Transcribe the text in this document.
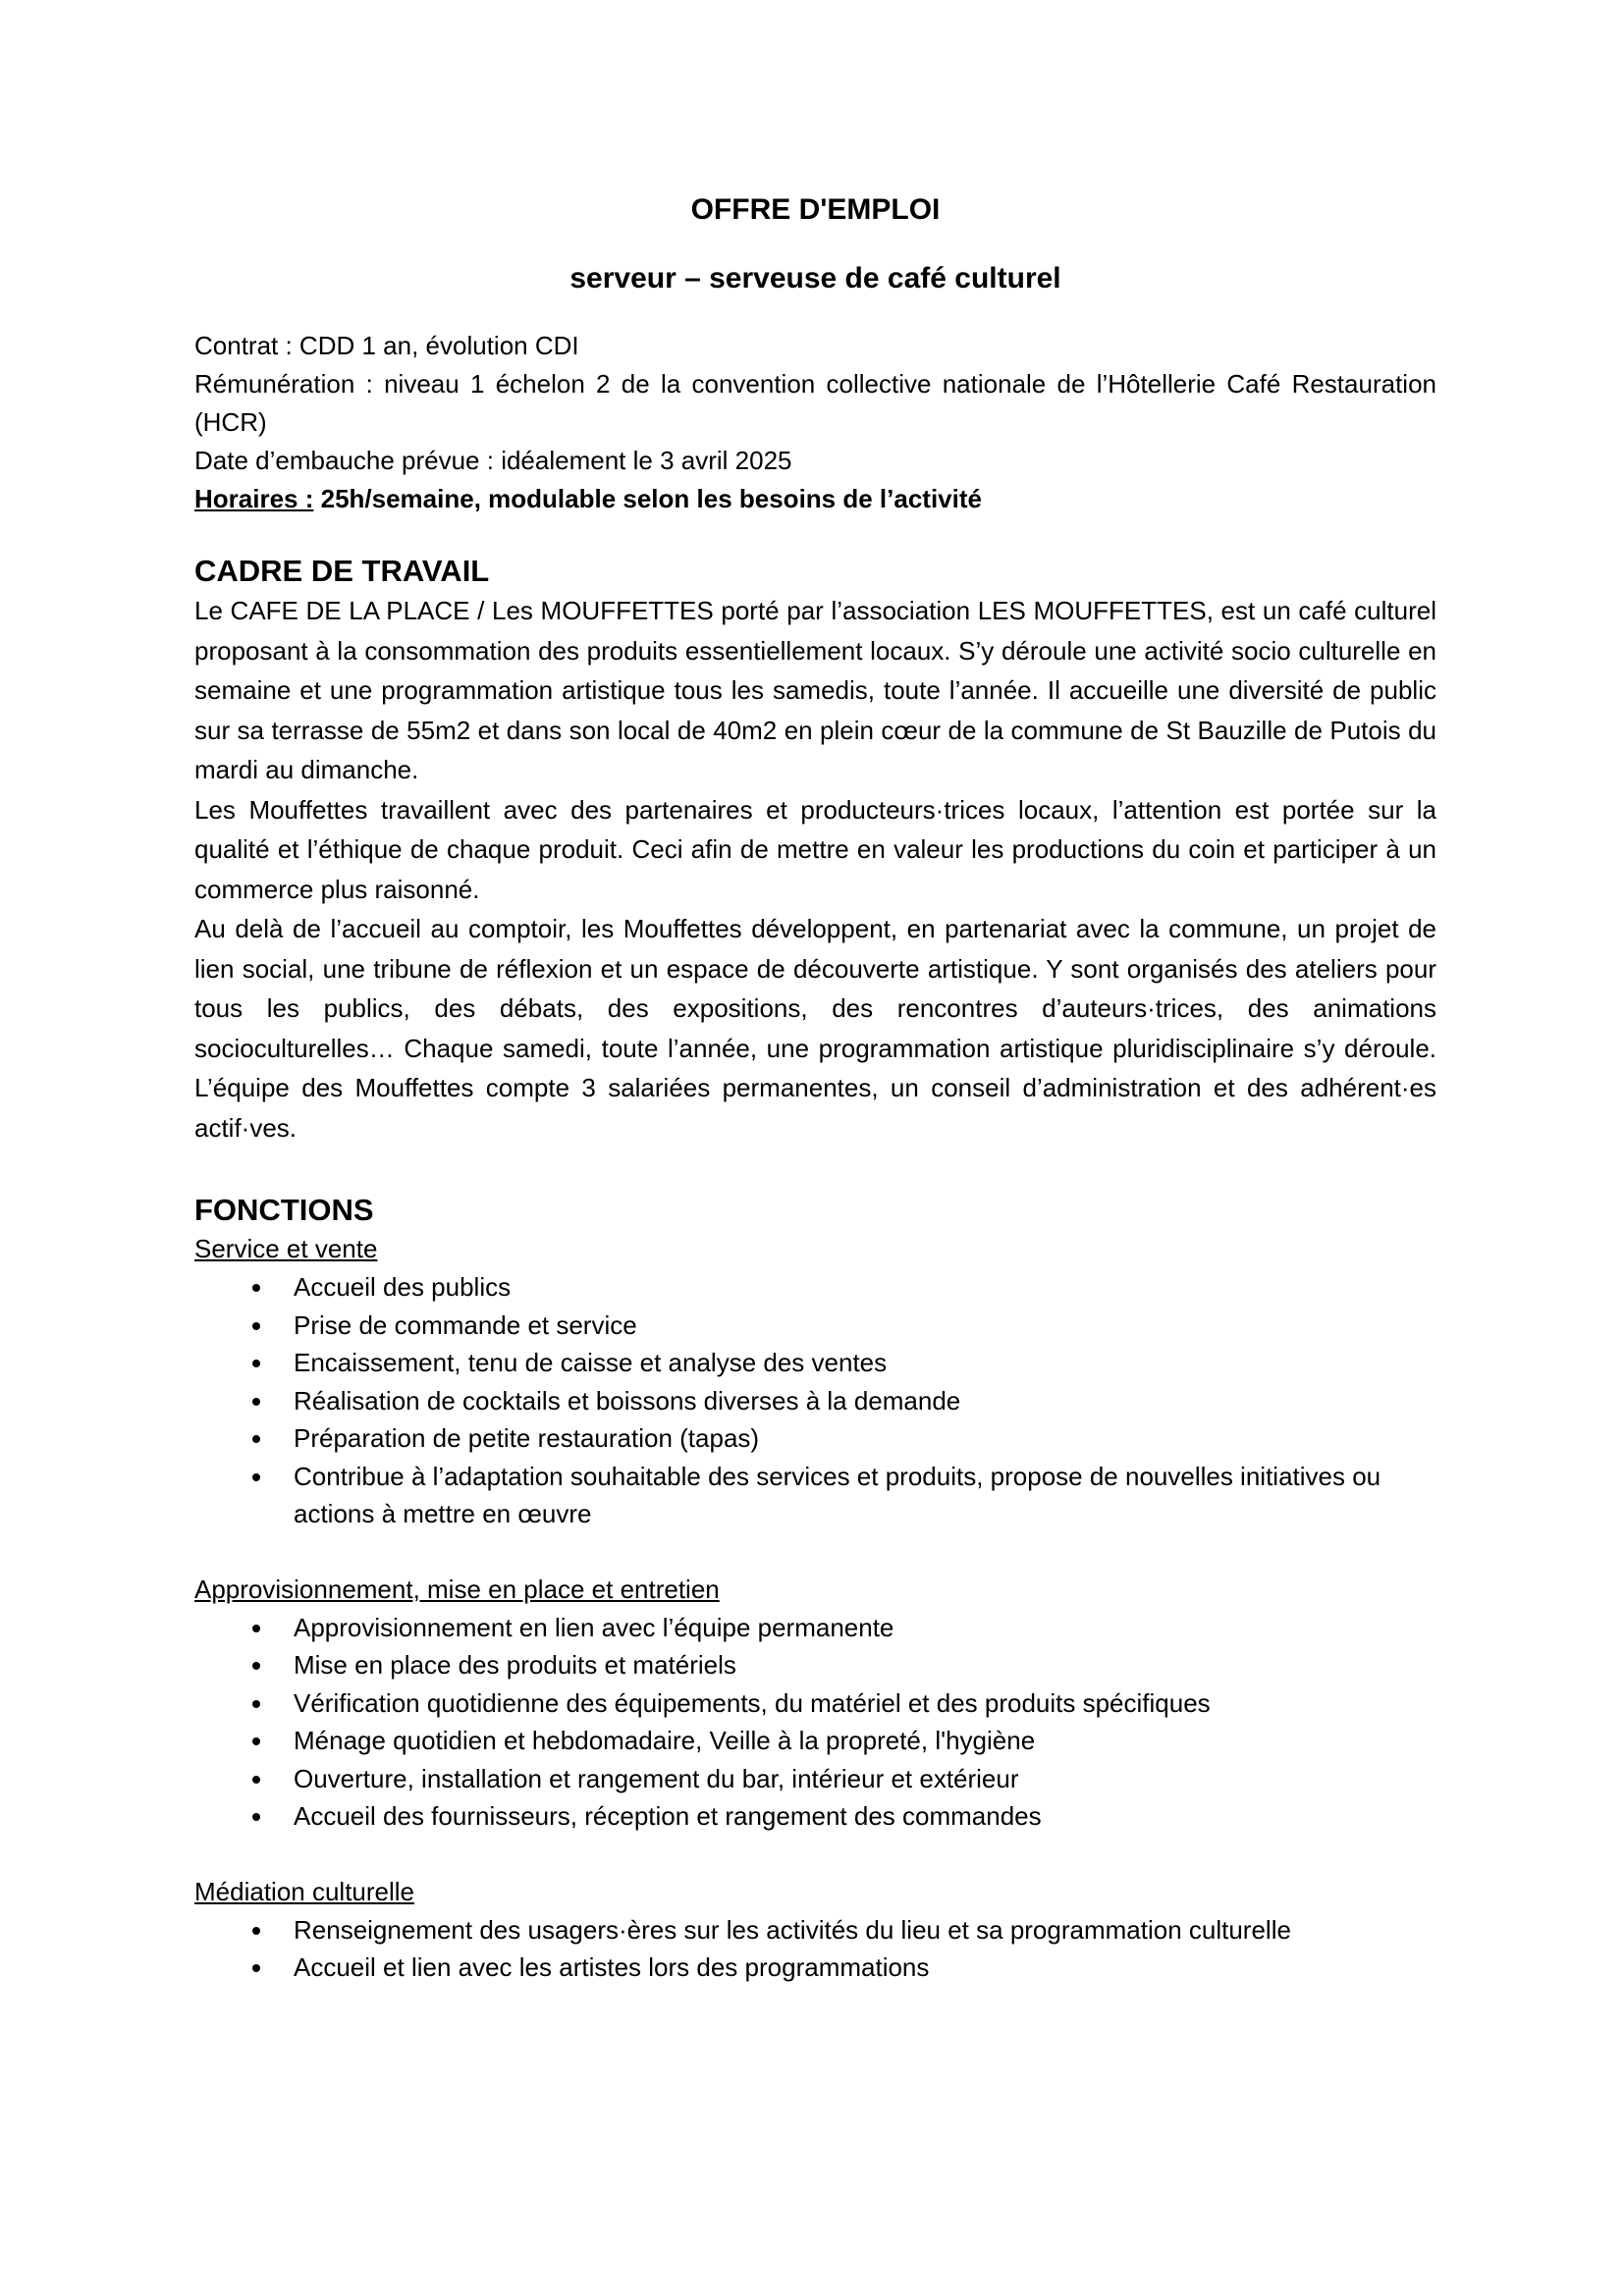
OFFRE D'EMPLOI

serveur – serveuse de café culturel

Contrat : CDD 1 an, évolution CDI

Rémunération : niveau 1 échelon 2 de la convention collective nationale de l’Hôtellerie Café Restauration (HCR)

Date d’embauche prévue : idéalement le 3 avril 2025

Horaires : 25h/semaine, modulable selon les besoins de l’activité

CADRE DE TRAVAIL

Le CAFE DE LA PLACE / Les MOUFFETTES porté par l’association LES MOUFFETTES, est un café culturel proposant à la consommation des produits essentiellement locaux. S’y déroule une activité socio culturelle en semaine et une programmation artistique tous les samedis, toute l’année. Il accueille une diversité de public sur sa terrasse de 55m2 et dans son local de 40m2 en plein cœur de la commune de St Bauzille de Putois du mardi au dimanche.

Les Mouffettes travaillent avec des partenaires et producteurs·trices locaux, l’attention est portée sur la qualité et l’éthique de chaque produit. Ceci afin de mettre en valeur les productions du coin et participer à un commerce plus raisonné.

Au delà de l’accueil au comptoir, les Mouffettes développent, en partenariat avec la commune, un projet de lien social, une tribune de réflexion et un espace de découverte artistique. Y sont organisés des ateliers pour tous les publics, des débats, des expositions, des rencontres d’auteurs·trices, des animations socioculturelles… Chaque samedi, toute l’année, une programmation artistique pluridisciplinaire s’y déroule. L’équipe des Mouffettes compte 3 salariées permanentes, un conseil d’administration et des adhérent·es actif·ves.

FONCTIONS

Service et vente

Accueil des publics
Prise de commande et service
Encaissement, tenu de caisse et analyse des ventes
Réalisation de cocktails et boissons diverses à la demande
Préparation de petite restauration (tapas)
Contribue à l’adaptation souhaitable des services et produits, propose de nouvelles initiatives ou actions à mettre en œuvre

Approvisionnement, mise en place et entretien

Approvisionnement en lien avec l’équipe permanente
Mise en place des produits et matériels
Vérification quotidienne des équipements, du matériel et des produits spécifiques
Ménage quotidien et hebdomadaire, Veille à la propreté, l'hygiène
Ouverture, installation et rangement du bar, intérieur et extérieur
Accueil des fournisseurs, réception et rangement des commandes

Médiation culturelle

Renseignement des usagers·ères sur les activités du lieu et sa programmation culturelle
Accueil et lien avec les artistes lors des programmations
